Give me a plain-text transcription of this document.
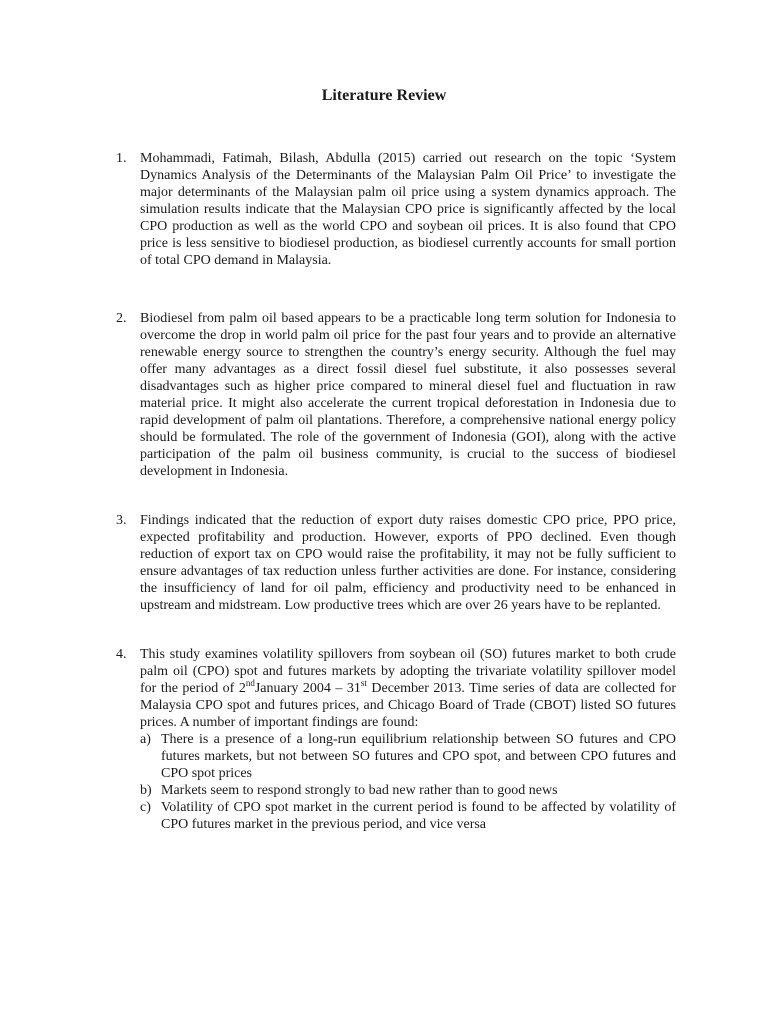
Literature Review
1. Mohammadi, Fatimah, Bilash, Abdulla (2015) carried out research on the topic ‘System Dynamics Analysis of the Determinants of the Malaysian Palm Oil Price’ to investigate the major determinants of the Malaysian palm oil price using a system dynamics approach. The simulation results indicate that the Malaysian CPO price is significantly affected by the local CPO production as well as the world CPO and soybean oil prices. It is also found that CPO price is less sensitive to biodiesel production, as biodiesel currently accounts for small portion of total CPO demand in Malaysia.
2. Biodiesel from palm oil based appears to be a practicable long term solution for Indonesia to overcome the drop in world palm oil price for the past four years and to provide an alternative renewable energy source to strengthen the country’s energy security. Although the fuel may offer many advantages as a direct fossil diesel fuel substitute, it also possesses several disadvantages such as higher price compared to mineral diesel fuel and fluctuation in raw material price. It might also accelerate the current tropical deforestation in Indonesia due to rapid development of palm oil plantations. Therefore, a comprehensive national energy policy should be formulated. The role of the government of Indonesia (GOI), along with the active participation of the palm oil business community, is crucial to the success of biodiesel development in Indonesia.
3. Findings indicated that the reduction of export duty raises domestic CPO price, PPO price, expected profitability and production. However, exports of PPO declined. Even though reduction of export tax on CPO would raise the profitability, it may not be fully sufficient to ensure advantages of tax reduction unless further activities are done. For instance, considering the insufficiency of land for oil palm, efficiency and productivity need to be enhanced in upstream and midstream. Low productive trees which are over 26 years have to be replanted.
4. This study examines volatility spillovers from soybean oil (SO) futures market to both crude palm oil (CPO) spot and futures markets by adopting the trivariate volatility spillover model for the period of 2ndJanuary 2004 – 31st December 2013. Time series of data are collected for Malaysia CPO spot and futures prices, and Chicago Board of Trade (CBOT) listed SO futures prices. A number of important findings are found:
a) There is a presence of a long-run equilibrium relationship between SO futures and CPO futures markets, but not between SO futures and CPO spot, and between CPO futures and CPO spot prices
b) Markets seem to respond strongly to bad new rather than to good news
c) Volatility of CPO spot market in the current period is found to be affected by volatility of CPO futures market in the previous period, and vice versa
